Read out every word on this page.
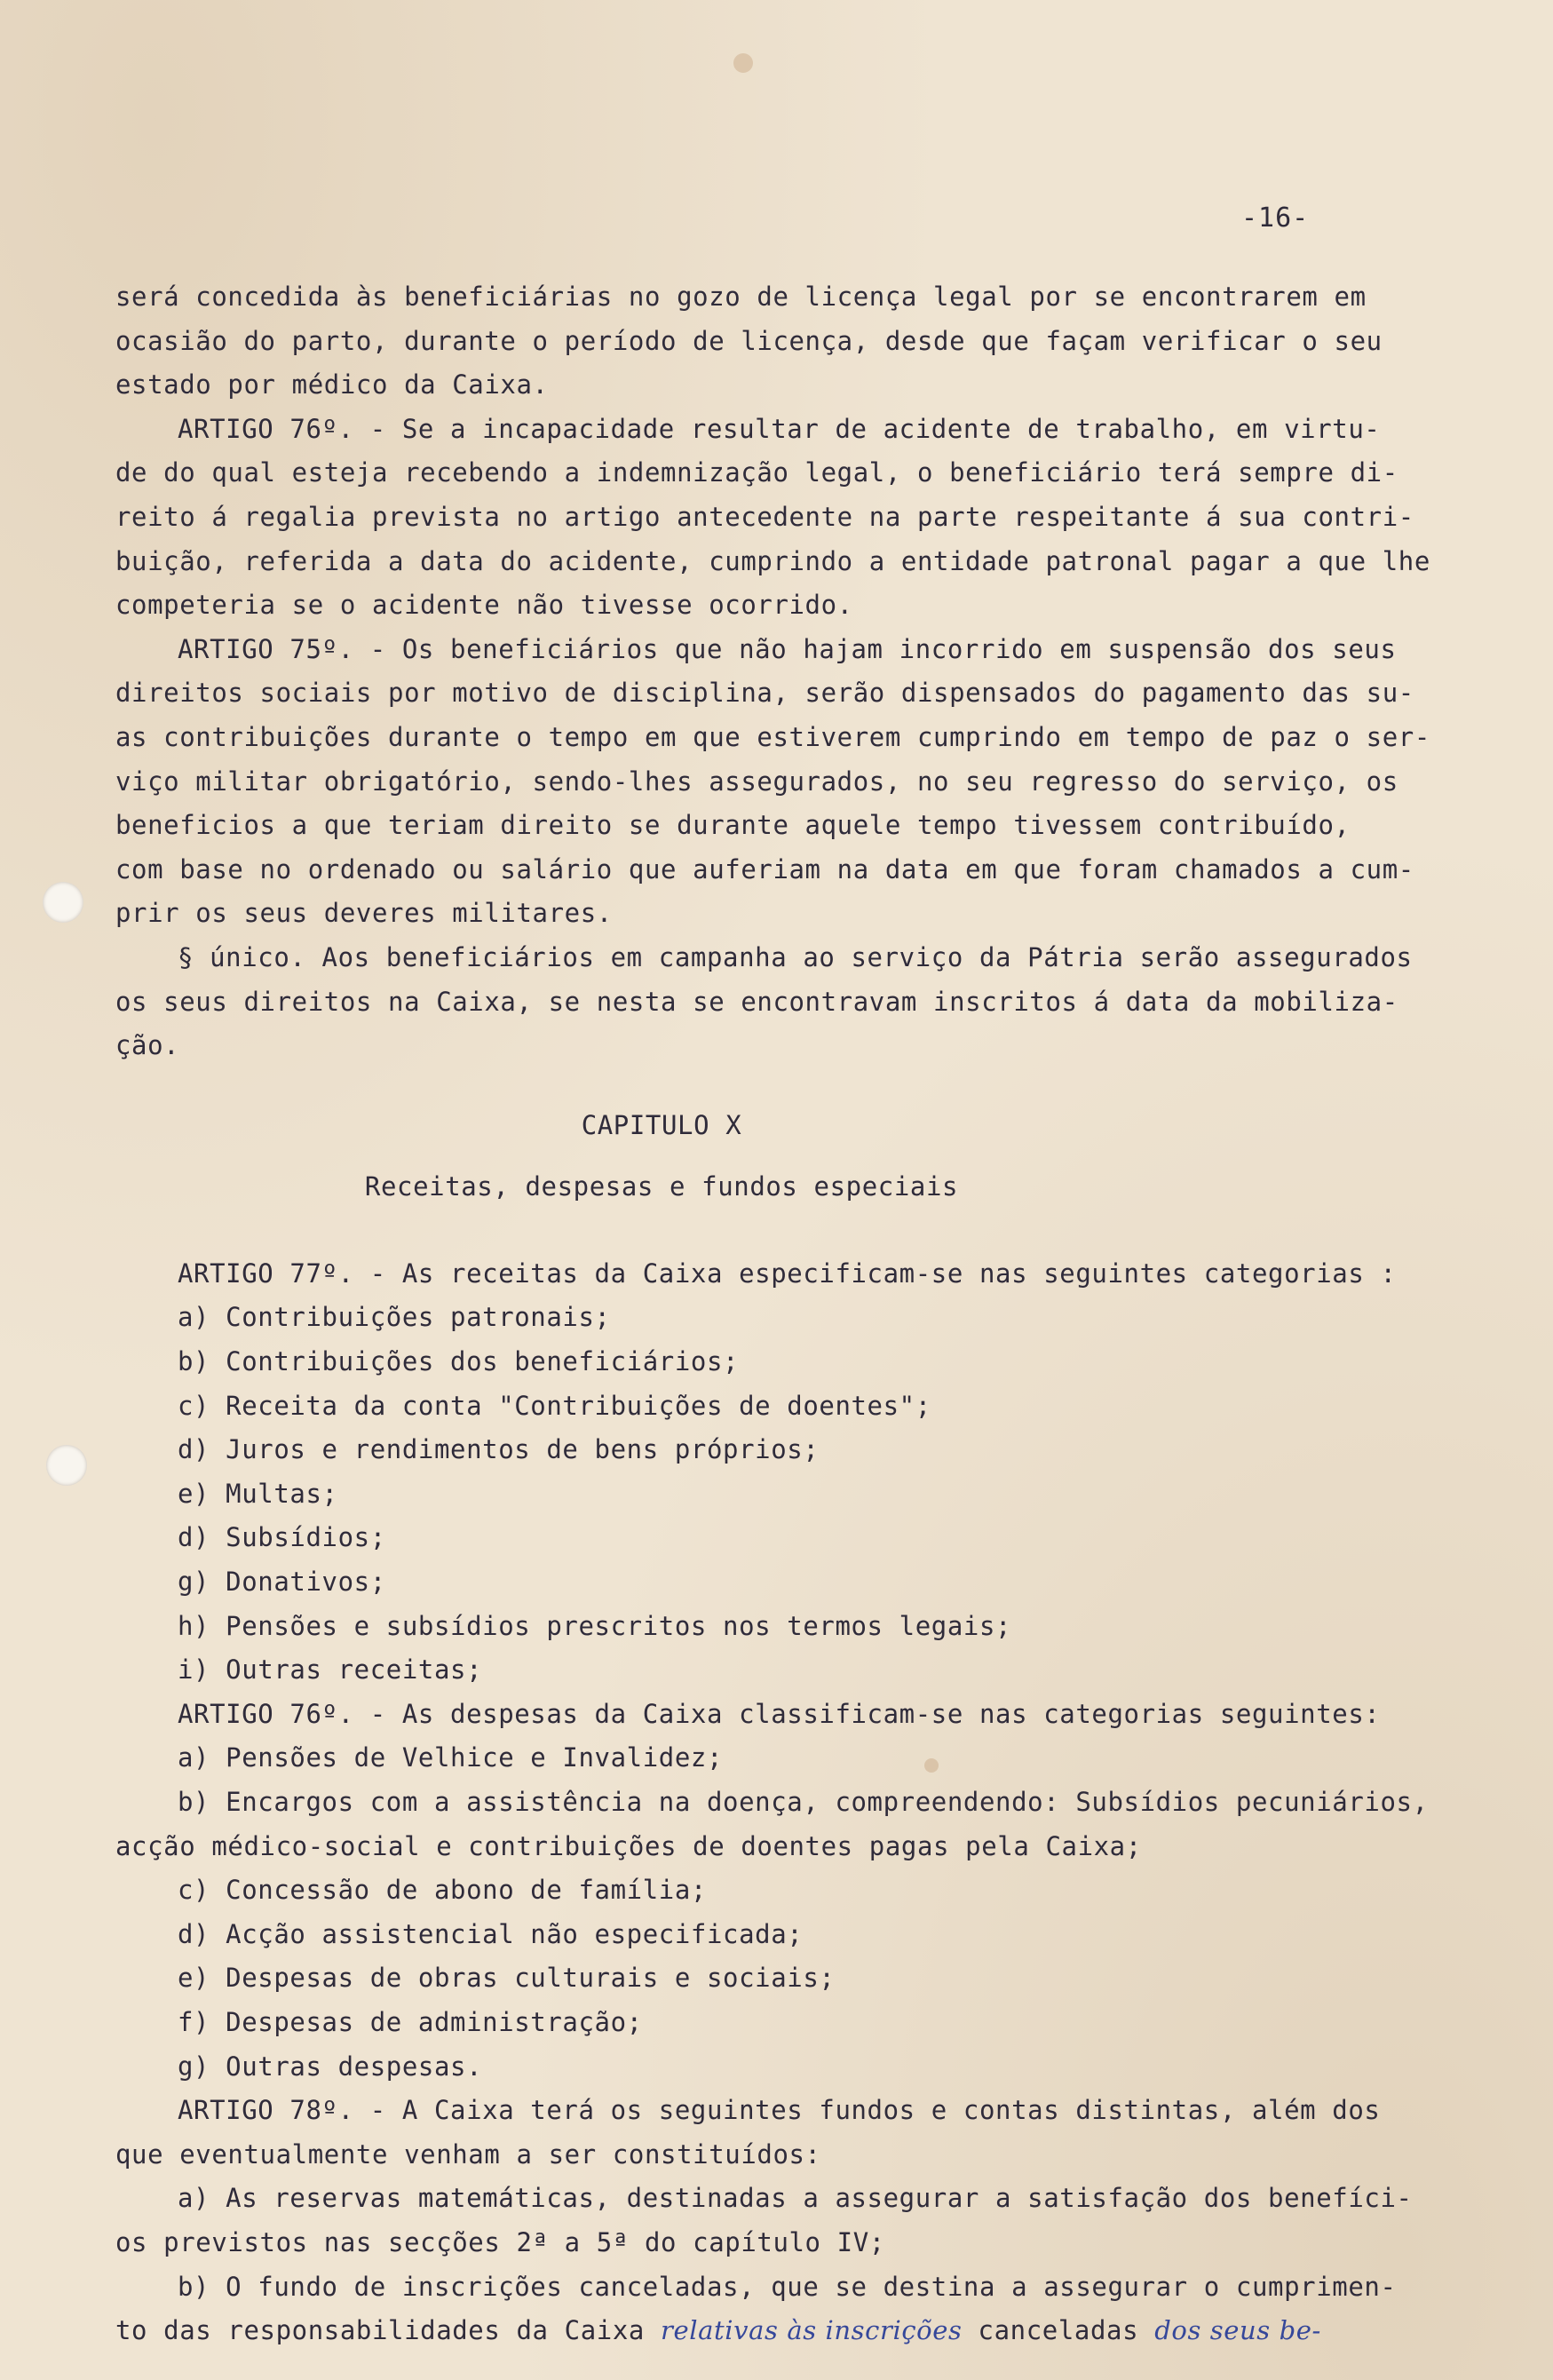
-16-
será concedida às beneficiárias no gozo de licença legal por se encontrarem em
ocasião do parto, durante o período de licença, desde que façam verificar o seu
estado por médico da Caixa.
ARTIGO 76º. - Se a incapacidade resultar de acidente de trabalho, em virtu-
de do qual esteja recebendo a indemnização legal, o beneficiário terá sempre di-
reito á regalia prevista no artigo antecedente na parte respeitante á sua contri-
buição, referida a data do acidente, cumprindo a entidade patronal pagar a que lhe
competeria se o acidente não tivesse ocorrido.
ARTIGO 75º. - Os beneficiários que não hajam incorrido em suspensão dos seus
direitos sociais por motivo de disciplina, serão dispensados do pagamento das su-
as contribuições durante o tempo em que estiverem cumprindo em tempo de paz o ser-
viço militar obrigatório, sendo-lhes assegurados, no seu regresso do serviço, os
beneficios a que teriam direito se durante aquele tempo tivessem contribuído,
com base no ordenado ou salário que auferiam na data em que foram chamados a cum-
prir os seus deveres militares.
§ único. Aos beneficiários em campanha ao serviço da Pátria serão assegurados
os seus direitos na Caixa, se nesta se encontravam inscritos á data da mobiliza-
ção.
CAPITULO X
Receitas, despesas e fundos especiais
ARTIGO 77º. - As receitas da Caixa especificam-se nas seguintes categorias :
a) Contribuições patronais;
b) Contribuições dos beneficiários;
c) Receita da conta "Contribuições de doentes";
d) Juros e rendimentos de bens próprios;
e) Multas;
d) Subsídios;
g) Donativos;
h) Pensões e subsídios prescritos nos termos legais;
i) Outras receitas;
ARTIGO 76º. - As despesas da Caixa classificam-se nas categorias seguintes:
a) Pensões de Velhice e Invalidez;
b) Encargos com a assistência na doença, compreendendo: Subsídios pecuniários,
acção médico-social e contribuições de doentes pagas pela Caixa;
c) Concessão de abono de família;
d) Acção assistencial não especificada;
e) Despesas de obras culturais e sociais;
f) Despesas de administração;
g) Outras despesas.
ARTIGO 78º. - A Caixa terá os seguintes fundos e contas distintas, além dos
que eventualmente venham a ser constituídos:
a) As reservas matemáticas, destinadas a assegurar a satisfação dos benefíci-
os previstos nas secções 2ª a 5ª do capítulo IV;
b) O fundo de inscrições canceladas, que se destina a assegurar o cumprimen-
to das responsabilidades da Caixa relativas às inscrições canceladas dos seus be-
